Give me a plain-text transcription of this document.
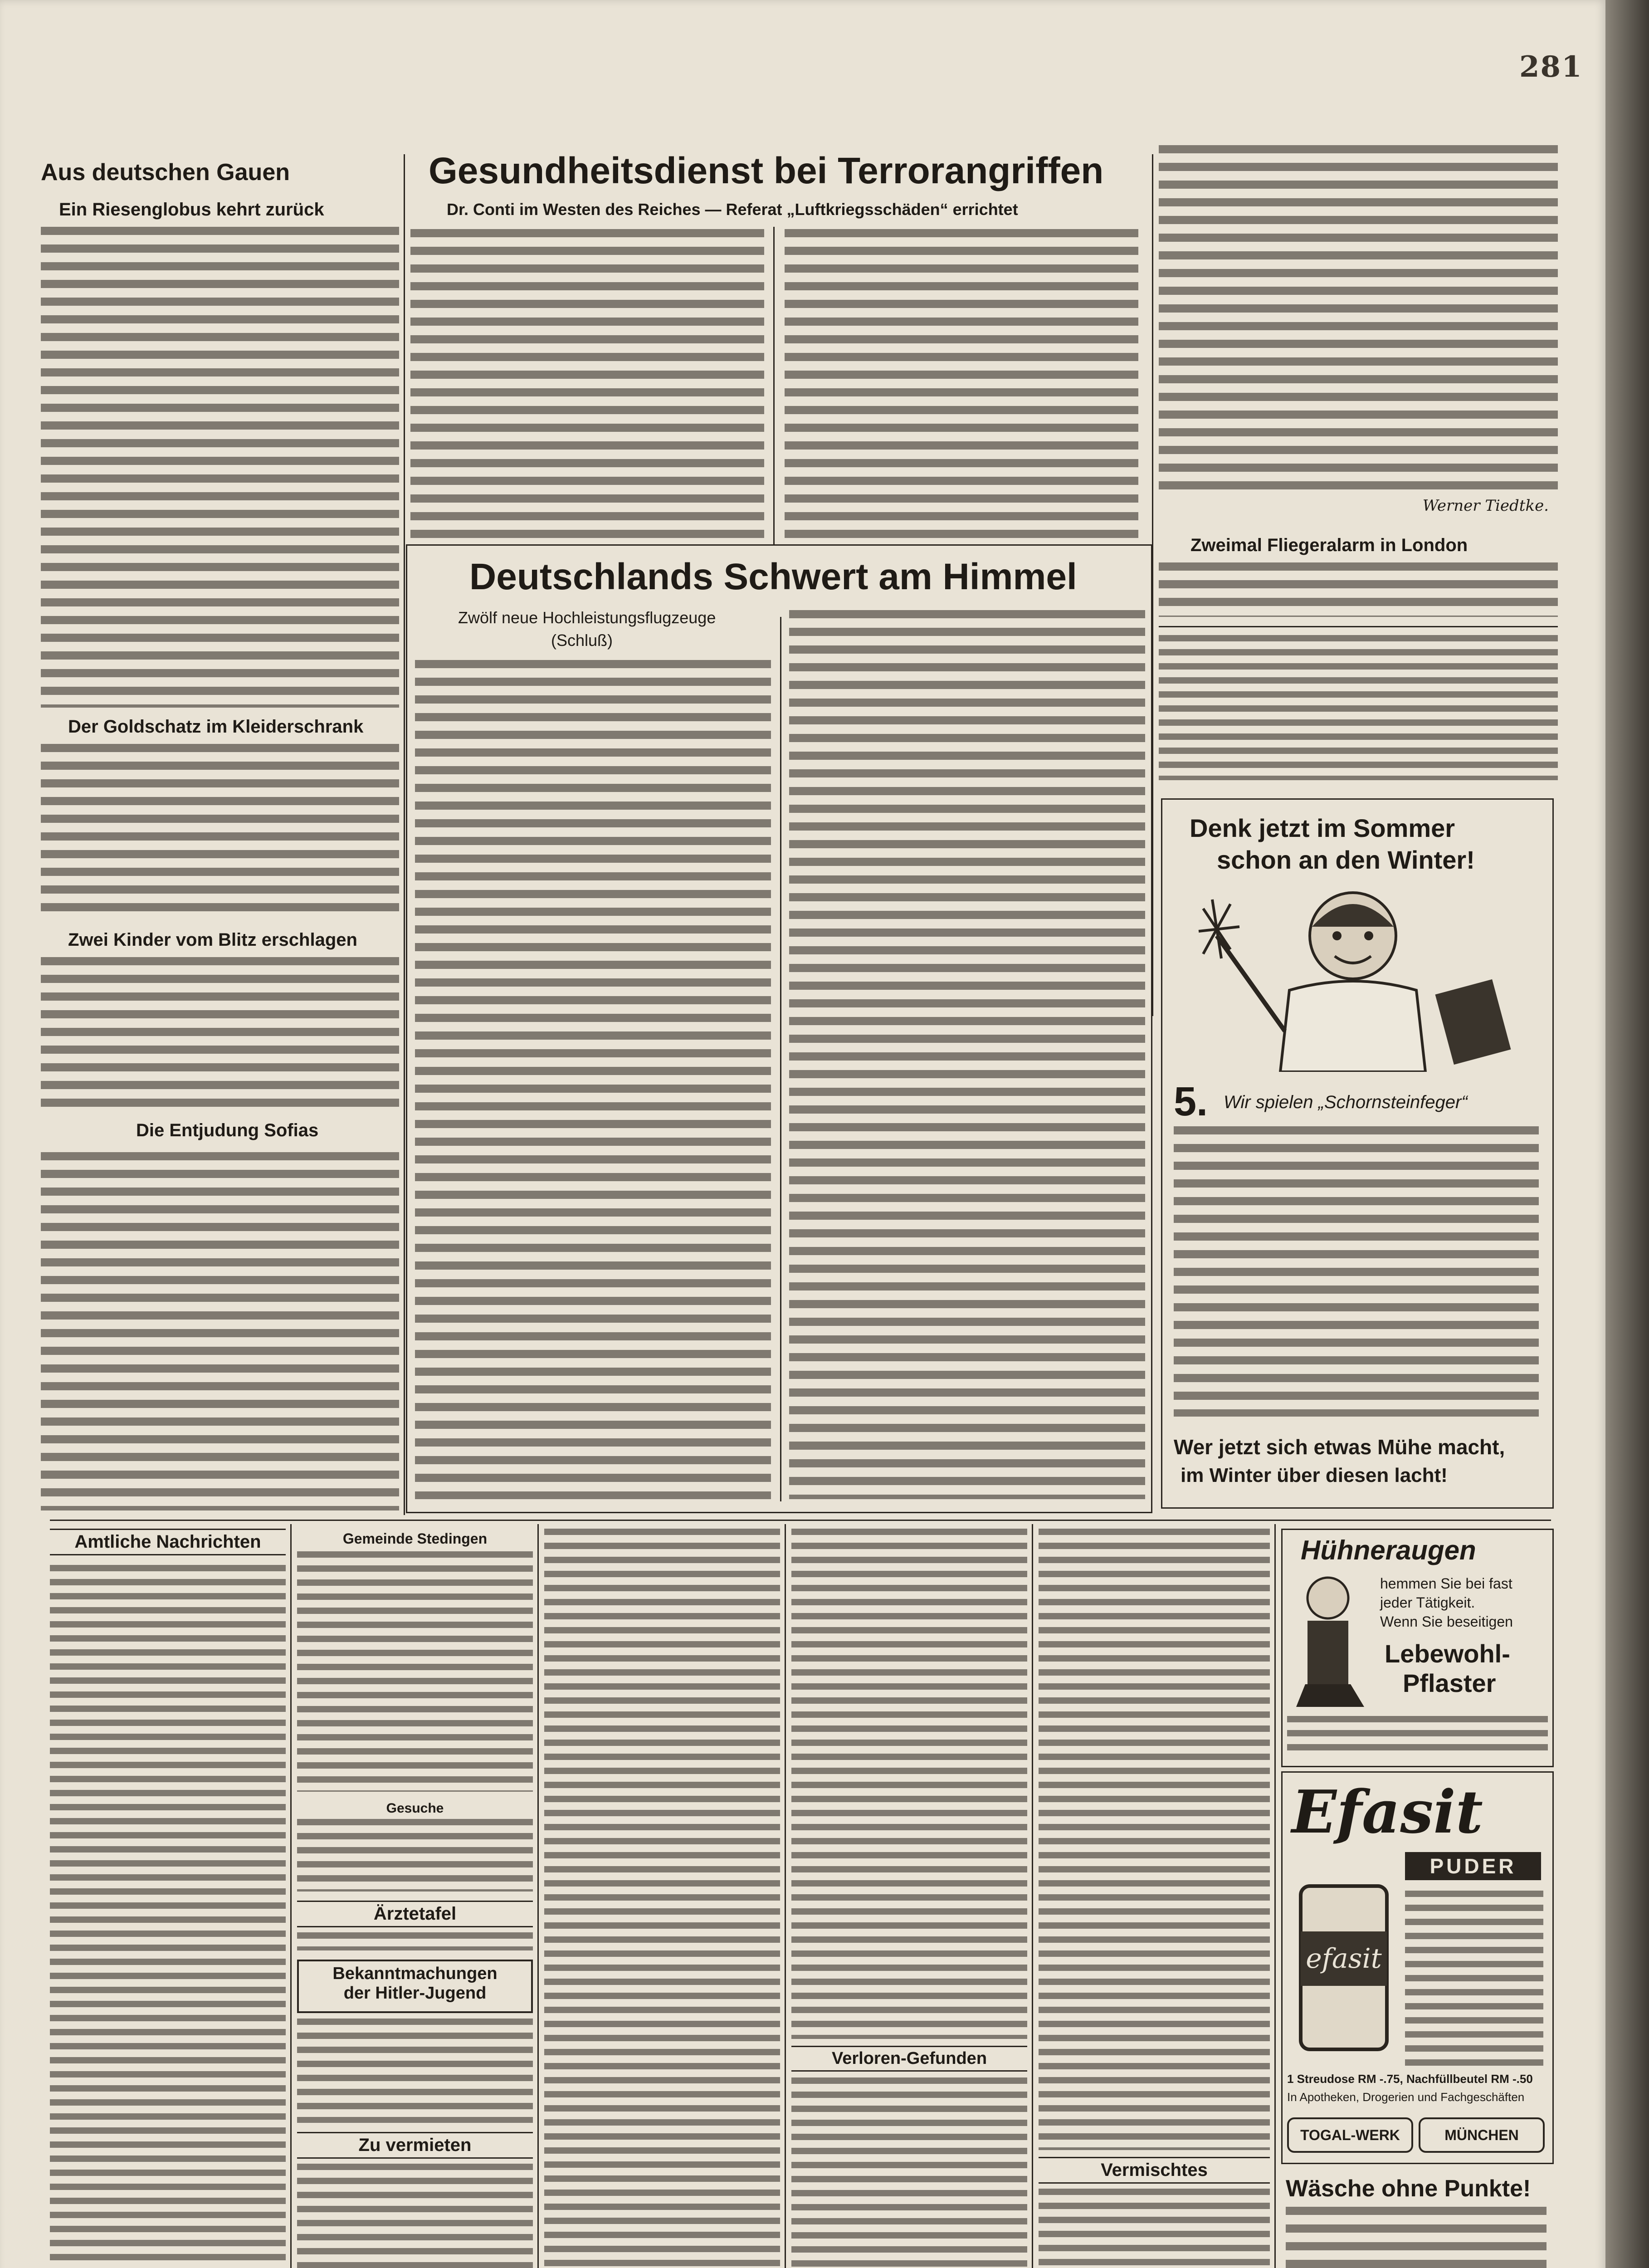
281
Aus deutschen Gauen
Ein Riesenglobus kehrt zurück
Der Goldschatz im Kleiderschrank
Zwei Kinder vom Blitz erschlagen
Die Entjudung Sofias
Gesundheitsdienst bei Terrorangriffen

Dr. Conti im Westen des Reiches — Referat „Luftkriegsschäden“ errichtet

Deutschlands Schwert am Himmel

Zwölf neue Hochleistungsflugzeuge

(Schluß)

Werner Tiedtke.
Zweimal Fliegeralarm in London
Denk jetzt im Sommer
schon an den Winter!
5. Wir spielen „Schornsteinfeger“
Wer jetzt sich etwas Mühe macht,
im Winter über diesen lacht!
Amtliche Nachrichten	Gemeinde Stedingen
Gesuche
Ärztetafel
Bekanntmachungen
der Hitler-Jugend
Zu vermieten
Verloren-Gefunden
Vermischtes
Hühneraugen
hemmen Sie bei fast
jeder Tätigkeit.
Wenn Sie beseitigen
Lebewohl-
Pflaster
Efasit
PUDER
efasit
1 Streudose RM -.75, Nachfüllbeutel RM -.50
In Apotheken, Drogerien und Fachgeschäften
TOGAL-WERK	MÜNCHEN
Wäsche ohne Punkte!
